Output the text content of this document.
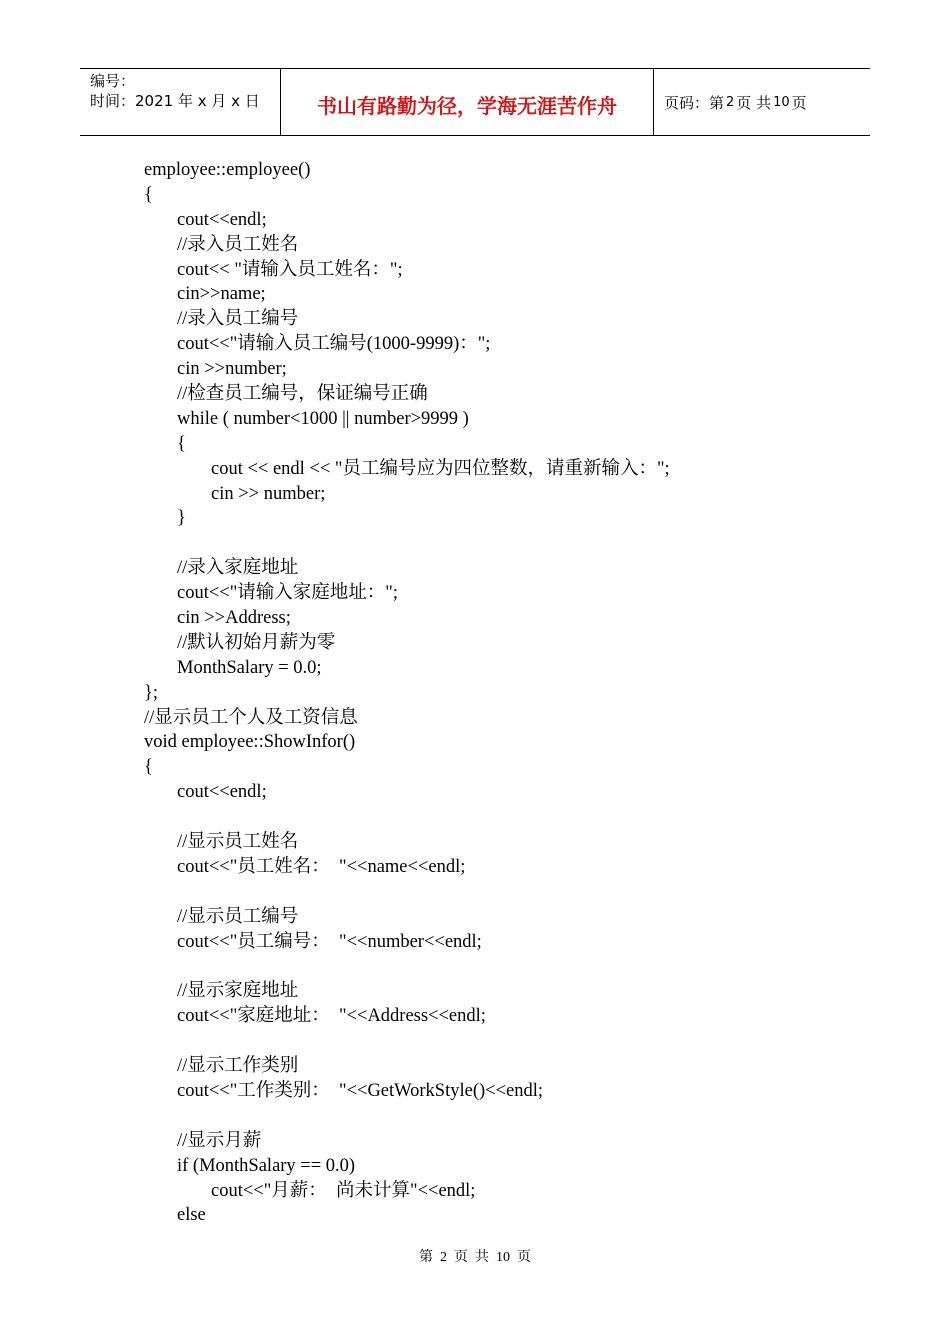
编号：
时间：2021 年 x 月 x 日	书山有路勤为径，学海无涯苦作舟	页码：第 2 页 共 10 页
employee::employee()
{
cout<<endl;
//录入员工姓名
cout<< "请输入员工姓名：";
cin>>name;
//录入员工编号
cout<<"请输入员工编号(1000-9999)：";
cin >>number;
//检查员工编号，保证编号正确
while ( number<1000 || number>9999 )
{
cout << endl << "员工编号应为四位整数，请重新输入：";
cin >> number;
}
//录入家庭地址
cout<<"请输入家庭地址：";
cin >>Address;
//默认初始月薪为零
MonthSalary = 0.0;
};
//显示员工个人及工资信息
void employee::ShowInfor()
{
cout<<endl;
//显示员工姓名
cout<<"员工姓名：  "<<name<<endl;
//显示员工编号
cout<<"员工编号：  "<<number<<endl;
//显示家庭地址
cout<<"家庭地址：  "<<Address<<endl;
//显示工作类别
cout<<"工作类别：  "<<GetWorkStyle()<<endl;
//显示月薪
if (MonthSalary == 0.0)
cout<<"月薪：  尚未计算"<<endl;
else
第  2  页  共  10  页
